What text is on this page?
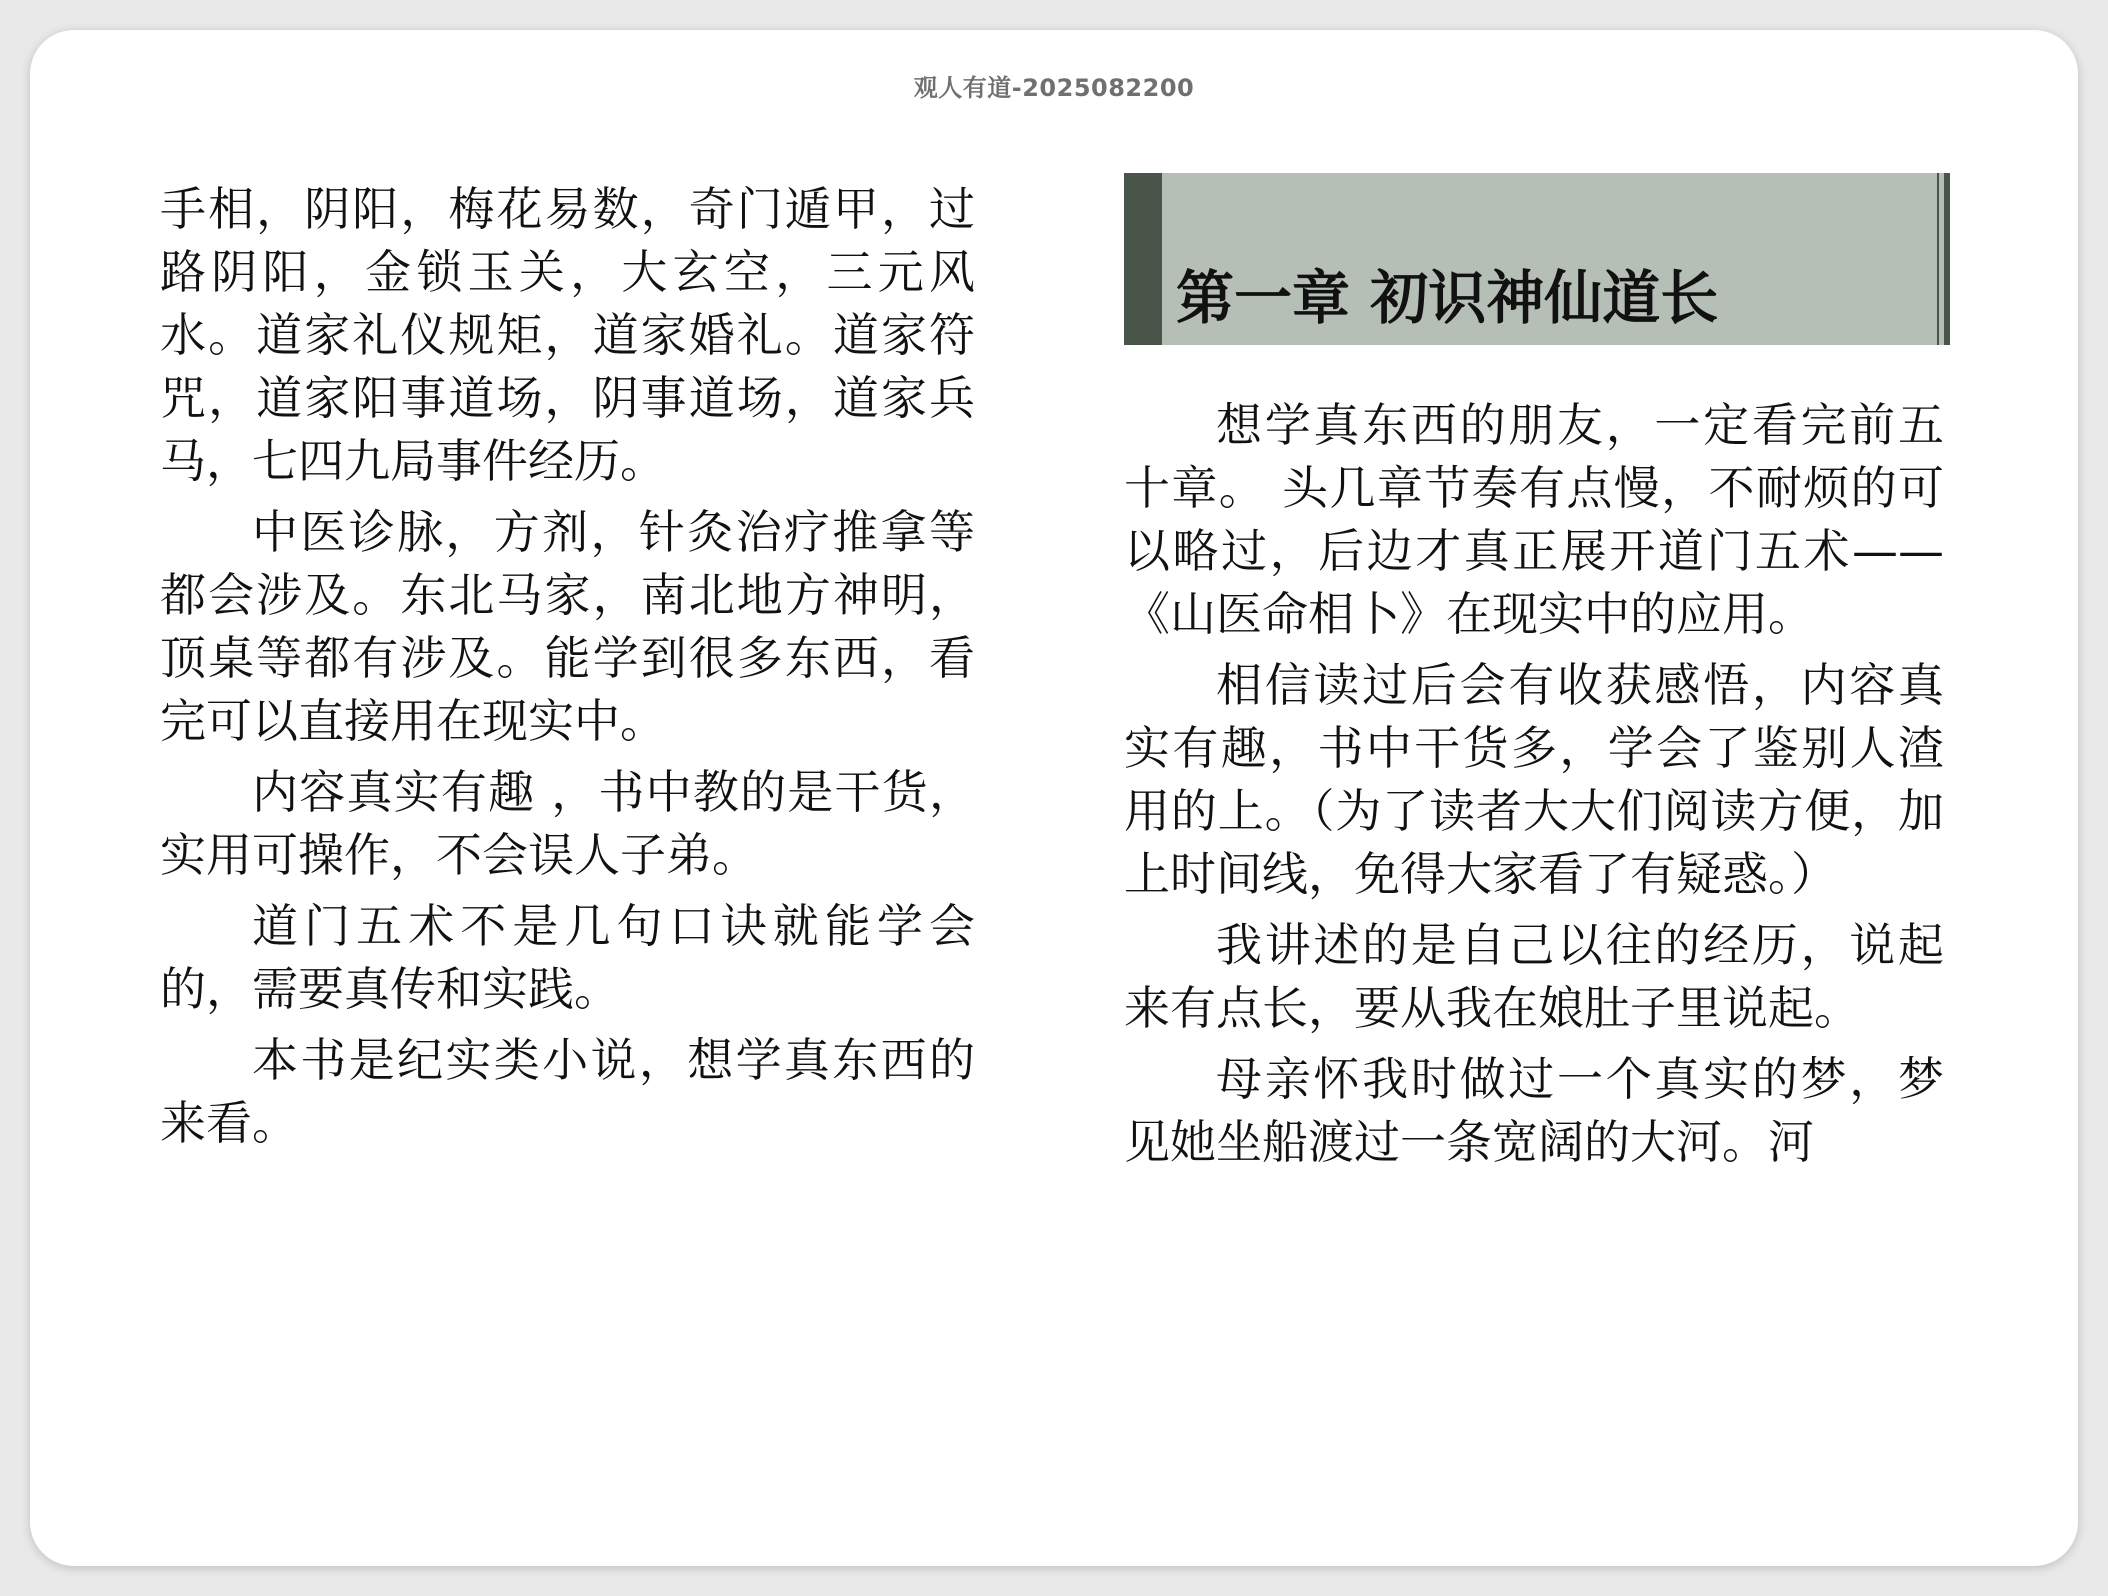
观人有道-2025082200

手相，阴阳，梅花易数，奇门遁甲，过路阴阳，金锁玉关，大玄空，三元风水。道家礼仪规矩，道家婚礼。道家符咒，道家阳事道场，阴事道场，道家兵马，七四九局事件经历。

中医诊脉，方剂，针灸治疗推拿等都会涉及。东北马家，南北地方神明，顶桌等都有涉及。能学到很多东西，看完可以直接用在现实中。

内容真实有趣 ，书中教的是干货，实用可操作，不会误人子弟。

道门五术不是几句口诀就能学会的，需要真传和实践。

本书是纪实类小说，想学真东西的来看。

第一章 初识神仙道长

想学真东西的朋友，一定看完前五十章。 头几章节奏有点慢，不耐烦的可以略过，后边才真正展开道门五术——《山医命相卜》在现实中的应用。

相信读过后会有收获感悟，内容真实有趣，书中干货多，学会了鉴别人渣用的上。（为了读者大大们阅读方便，加上时间线，免得大家看了有疑惑。）

我讲述的是自己以往的经历，说起来有点长，要从我在娘肚子里说起。

母亲怀我时做过一个真实的梦，梦见她坐船渡过一条宽阔的大河。河
